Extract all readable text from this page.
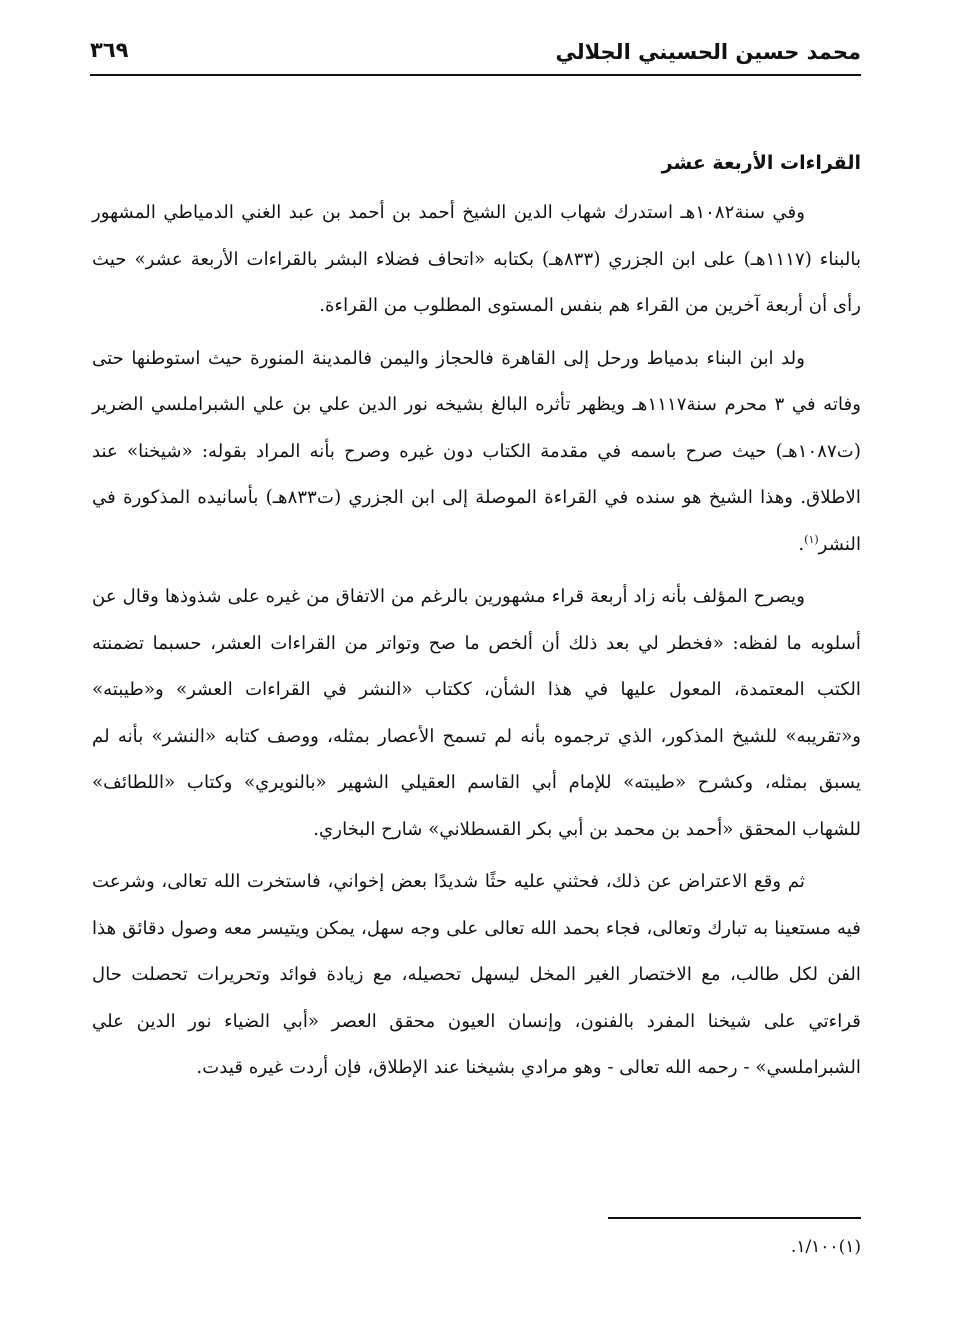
محمد حسين الحسيني الجلالي
٣٦٩
القراءات الأربعة عشر

وفي سنة١٠٨٢هـ استدرك شهاب الدين الشيخ أحمد بن أحمد بن عبد الغني الدمياطي المشهور بالبناء (١١١٧هـ) على ابن الجزري (٨٣٣هـ) بكتابه «اتحاف فضلاء البشر بالقراءات الأربعة عشر» حيث رأى أن أربعة آخرين من القراء هم بنفس المستوى المطلوب من القراءة.

ولد ابن البناء بدمياط ورحل إلى القاهرة فالحجاز واليمن فالمدينة المنورة حيث استوطنها حتى وفاته في ٣ محرم سنة١١١٧هـ ويظهر تأثره البالغ بشيخه نور الدين علي بن علي الشبراملسي الضرير (ت١٠٨٧هـ) حيث صرح باسمه في مقدمة الكتاب دون غيره وصرح بأنه المراد بقوله: «شيخنا» عند الاطلاق. وهذا الشيخ هو سنده في القراءة الموصلة إلى ابن الجزري (ت٨٣٣هـ) بأسانيده المذكورة في النشر$^{(١)}$.

ويصرح المؤلف بأنه زاد أربعة قراء مشهورين بالرغم من الاتفاق من غيره على شذوذها وقال عن أسلوبه ما لفظه: «فخطر لي بعد ذلك أن ألخص ما صح وتواتر من القراءات العشر، حسبما تضمنته الكتب المعتمدة، المعول عليها في هذا الشأن، ككتاب «النشر في القراءات العشر» و«طيبته» و«تقريبه» للشيخ المذكور، الذي ترجموه بأنه لم تسمح الأعصار بمثله، ووصف كتابه «النشر» بأنه لم يسبق بمثله، وكشرح «طيبته» للإمام أبي القاسم العقيلي الشهير «بالنويري» وكتاب «اللطائف» للشهاب المحقق «أحمد بن محمد بن أبي بكر القسطلاني» شارح البخاري.

ثم وقع الاعتراض عن ذلك، فحثني عليه حثًا شديدًا بعض إخواني، فاستخرت الله تعالى، وشرعت فيه مستعينا به تبارك وتعالى، فجاء بحمد الله تعالى على وجه سهل، يمكن ويتيسر معه وصول دقائق هذا الفن لكل طالب، مع الاختصار الغير المخل ليسهل تحصيله، مع زيادة فوائد وتحريرات تحصلت حال قراءتي على شيخنا المفرد بالفنون، وإنسان العيون محقق العصر «أبي الضياء نور الدين علي الشبراملسي» - رحمه الله تعالى - وهو مرادي بشيخنا عند الإطلاق، فإن أردت غيره قيدت.

(١)١/١٠٠.
